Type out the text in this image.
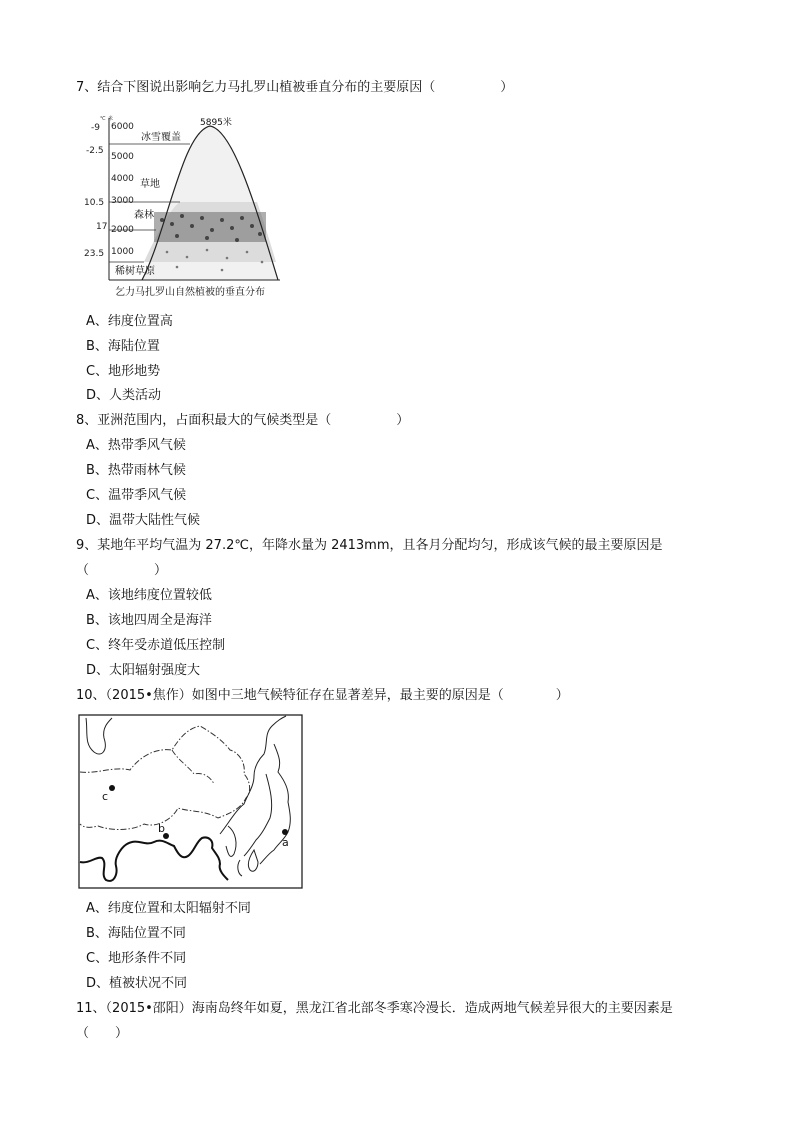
7、结合下图说出影响乞力马扎罗山植被垂直分布的主要原因（　　　　　）
℃ 米
-9
-2.5
10.5
17
23.5
6000
5000
4000
3000
2000
1000
冰雪覆盖
草地
森林
稀树草原
5895米
乞力马扎罗山自然植被的垂直分布
A、纬度位置高
B、海陆位置
C、地形地势
D、人类活动
8、亚洲范围内，占面积最大的气候类型是（　　　　　）
A、热带季风气候
B、热带雨林气候
C、温带季风气候
D、温带大陆性气候
9、某地年平均气温为 27.2℃，年降水量为 2413mm，且各月分配均匀，形成该气候的最主要原因是
（　　　　　）
A、该地纬度位置较低
B、该地四周全是海洋
C、终年受赤道低压控制
D、太阳辐射强度大
10、（2015•焦作）如图中三地气候特征存在显著差异，最主要的原因是（　　　　）
c
b
a
A、纬度位置和太阳辐射不同
B、海陆位置不同
C、地形条件不同
D、植被状况不同
11、（2015•邵阳）海南岛终年如夏，黑龙江省北部冬季寒冷漫长．造成两地气候差异很大的主要因素是
（　　）
